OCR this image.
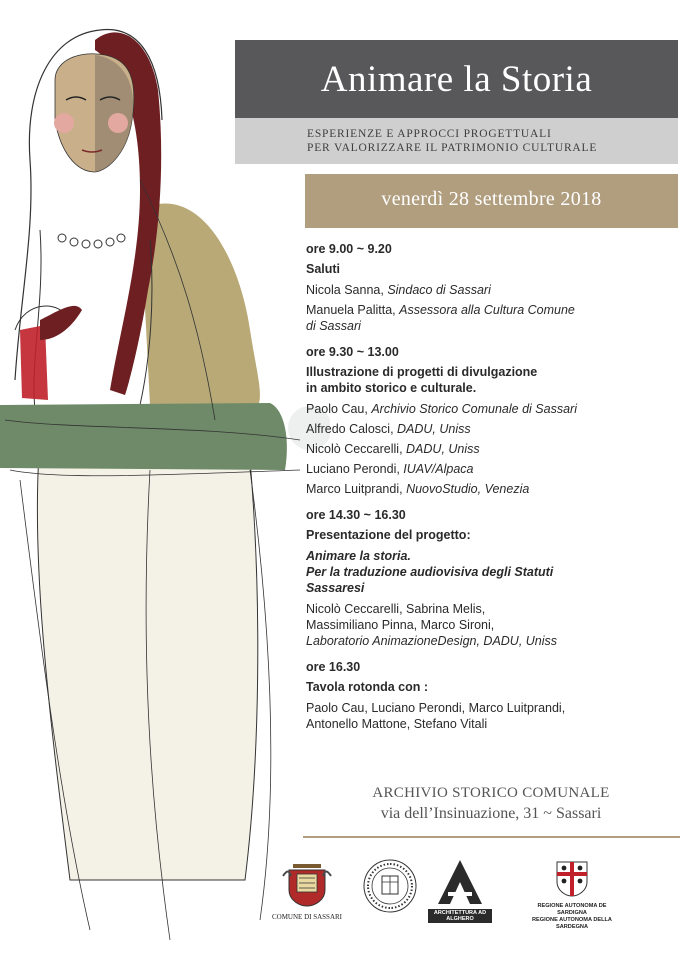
Animare la Storia
ESPERIENZE E APPROCCI PROGETTUALI
PER VALORIZZARE IL PATRIMONIO CULTURALE
venerdì 28 settembre 2018
ore 9.00 ~ 9.20
Saluti
Nicola Sanna, Sindaco di Sassari
Manuela Palitta, Assessora alla Cultura Comune
di Sassari
ore 9.30 ~ 13.00
Illustrazione di progetti di divulgazione
in ambito storico e culturale.
Paolo Cau, Archivio Storico Comunale di Sassari
Alfredo Calosci, DADU, Uniss
Nicolò Ceccarelli, DADU, Uniss
Luciano Perondi, IUAV/Alpaca
Marco Luitprandi, NuovoStudio, Venezia
ore 14.30 ~ 16.30
Presentazione del progetto:
Animare la storia.
Per la traduzione audiovisiva degli Statuti
Sassaresi
Nicolò Ceccarelli, Sabrina Melis,
Massimiliano Pinna, Marco Sironi,
Laboratorio AnimazioneDesign, DADU, Uniss
ore 16.30
Tavola rotonda con :
Paolo Cau, Luciano Perondi, Marco Luitprandi,
Antonello Mattone, Stefano Vitali
ARCHIVIO STORICO COMUNALE
via dell’Insinuazione, 31 ~ Sassari
COMUNE DI SASSARI	ARCHITETTURA AD ALGHERO
REGIONE AUTONOMA DE SARDIGNA
REGIONE AUTONOMA DELLA SARDEGNA
